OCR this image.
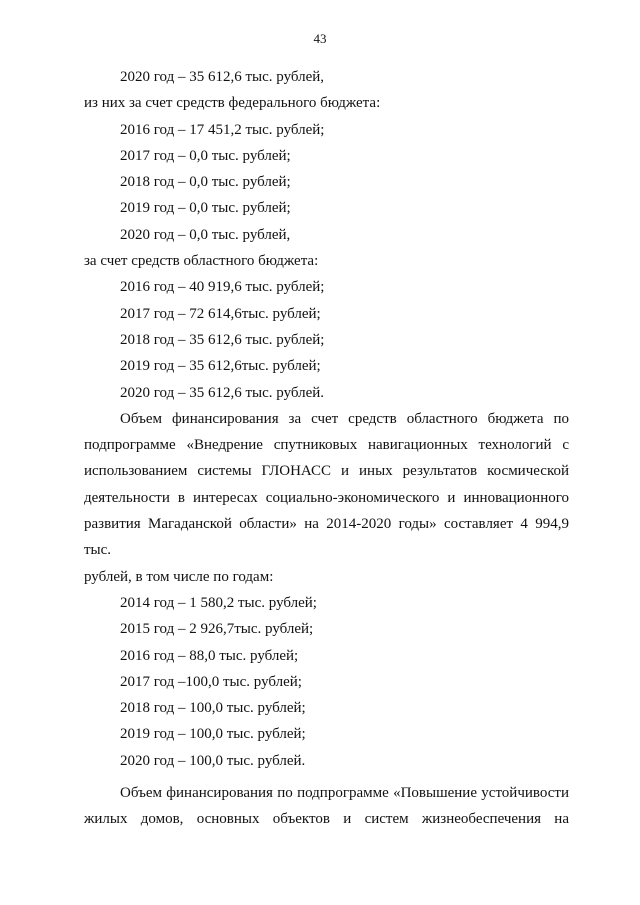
43
2020 год – 35 612,6 тыс. рублей,
из них за счет средств федерального бюджета:
2016 год – 17 451,2 тыс. рублей;
2017 год – 0,0 тыс. рублей;
2018 год – 0,0 тыс. рублей;
2019 год – 0,0 тыс. рублей;
2020 год – 0,0 тыс. рублей,
за счет средств областного бюджета:
2016 год – 40 919,6 тыс. рублей;
2017 год – 72 614,6тыс. рублей;
2018 год – 35 612,6 тыс. рублей;
2019 год – 35 612,6тыс. рублей;
2020 год – 35 612,6 тыс. рублей.
Объем финансирования за счет средств областного бюджета по
подпрограмме «Внедрение спутниковых навигационных технологий с
использованием системы ГЛОНАСС и иных результатов космической
деятельности в интересах социально-экономического и инновационного
развития Магаданской области» на 2014-2020 годы» составляет 4 994,9 тыс.
рублей, в том числе по годам:
2014 год – 1 580,2 тыс. рублей;
2015 год – 2 926,7тыс. рублей;
2016 год – 88,0 тыс. рублей;
2017 год –100,0 тыс. рублей;
2018 год – 100,0 тыс. рублей;
2019 год – 100,0 тыс. рублей;
2020 год – 100,0 тыс. рублей.
Объем финансирования по подпрограмме «Повышение устойчивости
жилых домов, основных объектов и систем жизнеобеспечения на
